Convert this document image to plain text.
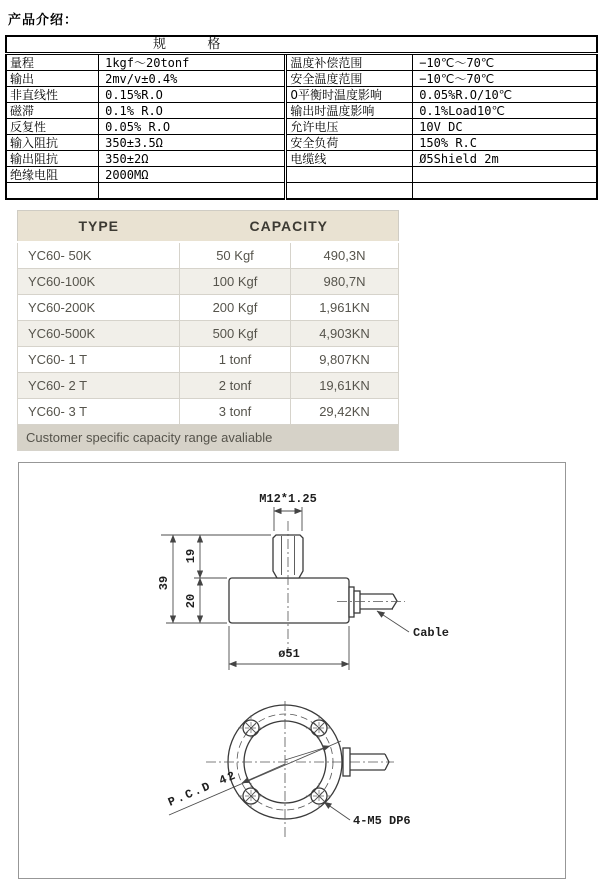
产品介绍：
规          格			
量程	1kgf～20tonf	温度补偿范围	−10℃～70℃
输出	2mv/v±0.4%	安全温度范围	−10℃～70℃
非直线性	0.15%R.O	0平衡时温度影响	0.05%R.O/10℃
磁滞	0.1% R.O	输出时温度影响	0.1%Load10℃
反复性	0.05% R.O	允许电压	10V DC
输入阻抗	350±3.5Ω	安全负荷	150% R.C
输出阻抗	350±2Ω	电缆线	Ø5Shield 2m
绝缘电阻	2000MΩ		

TYPE	CAPACITY	
YC60- 50K	50 Kgf	490,3N
YC60-100K	100 Kgf	980,7N
YC60-200K	200 Kgf	1,961KN
YC60-500K	500 Kgf	4,903KN
YC60- 1 T	1 tonf	9,807KN
YC60- 2 T	2 tonf	19,61KN
YC60- 3 T	3 tonf	29,42KN
Customer specific capacity range avaliable		
M12*1.25
39
19
20
ø51
Cable
P.C.D 42
4-M5 DP6
